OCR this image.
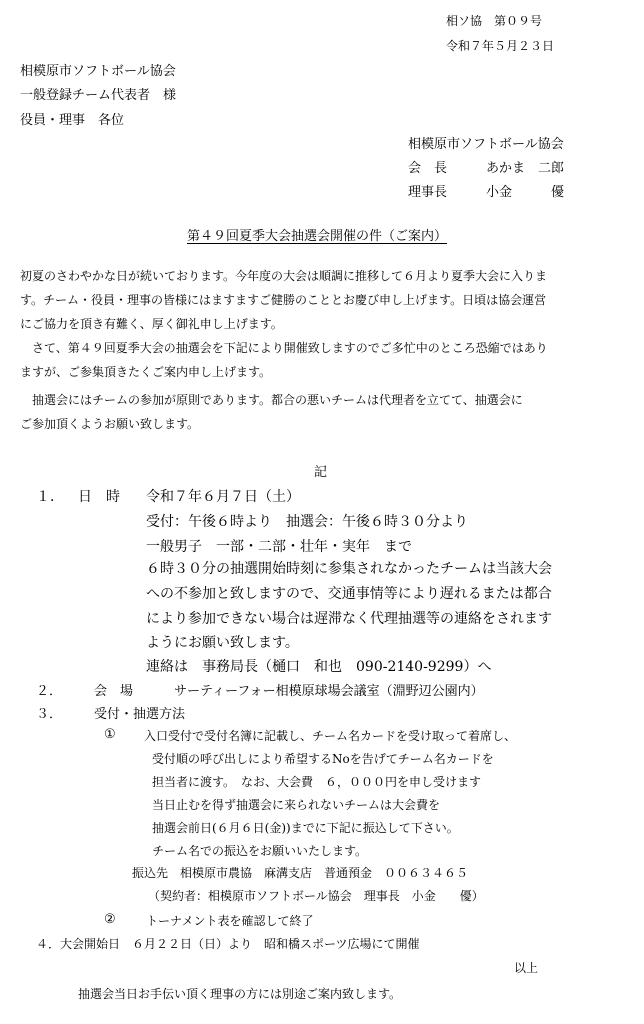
相ソ協　第０９号
令和７年５月２３日
相模原市ソフトボール協会
一般登録チーム代表者　様
役員・理事　各位
相模原市ソフトボール協会
会　長　　　あかま　二郎
理事長　　　小金　　　優
第４９回夏季大会抽選会開催の件（ご案内）
初夏のさわやかな日が続いております。今年度の大会は順調に推移して６月より夏季大会に入りま
す。チーム・役員・理事の皆様にはますますご健勝のこととお慶び申し上げます。日頃は協会運営
にご協力を頂き有難く、厚く御礼申し上げます。
　さて、第４９回夏季大会の抽選会を下記により開催致しますのでご多忙中のところ恐縮ではあり
ますが、ご参集頂きたくご案内申し上げます。
　抽選会にはチームの参加が原則であります。都合の悪いチームは代理者を立てて、抽選会に
ご参加頂くようお願い致します。
記
１． 日　時 令和７年６月７日（土）
受付：午後６時より　抽選会：午後６時３０分より
一般男子　一部・二部・壮年・実年　まで
６時３０分の抽選開始時刻に参集されなかったチームは当該大会
への不参加と致しますので、交通事情等により遅れるまたは都合
により参加できない場合は遅滞なく代理抽選等の連絡をされます
ようにお願い致します。
連絡は　事務局長（樋口　和也　090-2140-9299）へ
２． 会　場	サーティーフォー相模原球場会議室（淵野辺公園内）
３． 受付・抽選方法
① 入口受付で受付名簿に記載し、チーム名カードを受け取って着席し、
受付順の呼び出しにより希望するNoを告げてチーム名カードを
担当者に渡す。　なお、大会費　６，０００円を申し受けます
当日止むを得ず抽選会に来られないチームは大会費を
抽選会前日(６月６日(金))までに下記に振込して下さい。
チーム名での振込をお願いいたします。
振込先　相模原市農協　麻溝支店　普通預金　００６３４６５
（契約者：相模原市ソフトボール協会　理事長　小金　　優）
②	トーナメント表を確認して終了
４．大会開始日　６月２２日（日）より　昭和橋スポーツ広場にて開催
以上
抽選会当日お手伝い頂く理事の方には別途ご案内致します。
